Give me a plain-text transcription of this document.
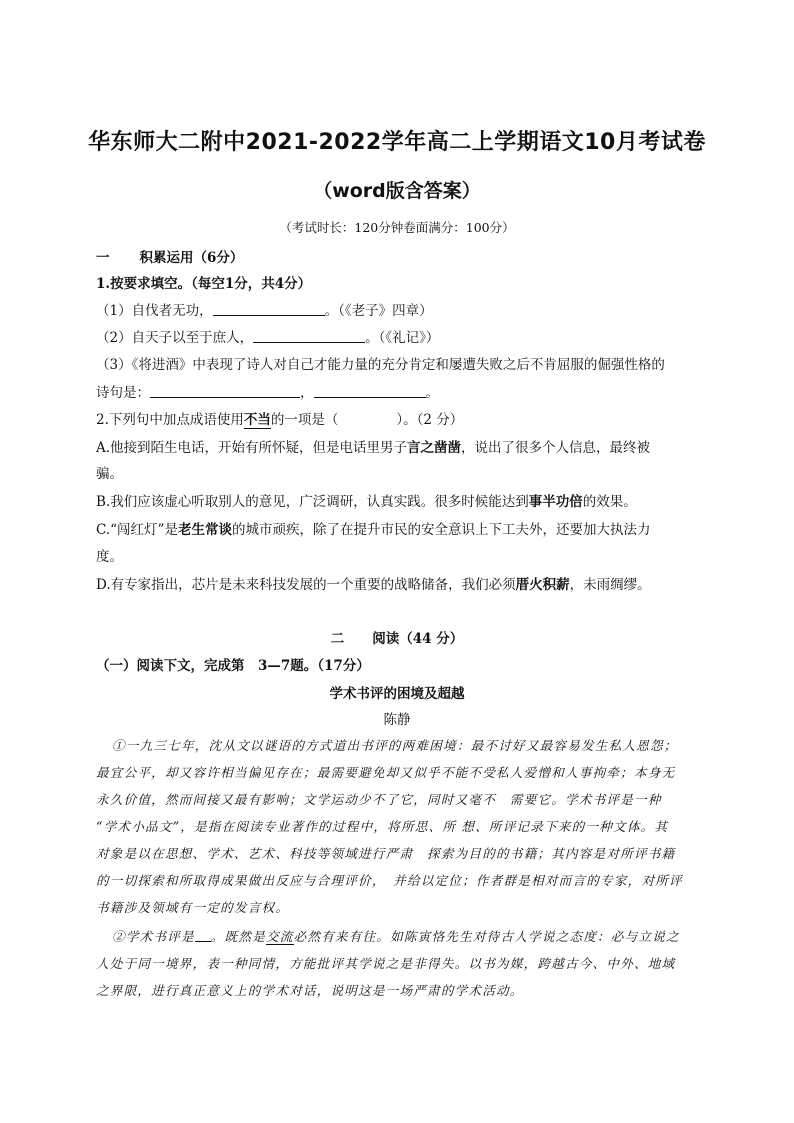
华东师大二附中2021-2022学年高二上学期语文10月考试卷
（word版含答案）
（考试时长：120分钟卷面满分：100分）
一 积累运用（6分）
1.按要求填空。（每空1分，共4分）
（1）自伐者无功，	。（《老子》四章）
（2）自天子以至于庶人，	。（《礼记》）
（3）《将进酒》中表现了诗人对自己才能力量的充分肯定和屡遭失败之后不肯屈服的倔强性格的
诗句是：	，	。
2.下列句中加点成语使用不当的一项是（	）。（2 分）
A.他接到陌生电话，开始有所怀疑，但是电话里男子言之凿凿，说出了很多个人信息，最终被
骗。
B.我们应该虚心听取别人的意见，广泛调研，认真实践。很多时候能达到事半功倍的效果。
C.“闯红灯”是老生常谈的城市顽疾，除了在提升市民的安全意识上下工夫外，还要加大执法力
度。
D.有专家指出，芯片是未来科技发展的一个重要的战略储备，我们必须厝火积薪，未雨绸缪。
二 阅读（44 分）
（一）阅读下文，完成第　3—7题。（17分）
学术书评的困境及超越
陈静
①一九三七年，沈从文以谜语的方式道出书评的两难困境：最不讨好又最容易发生私人恩怨；
最宜公平，却又容许相当偏见存在；最需要避免却又似乎不能不受私人爱憎和人事拘牵；本身无
永久价值，然而间接又最有影响；文学运动少不了它，同时又毫不　需要它。学术书评是一种
“学术小品文”，是指在阅读专业著作的过程中，将所思、所 想、所评记录下来的一种文体。其
对象是以在思想、学术、艺术、科技等领域进行严肃　探索为目的的书籍；其内容是对所评书籍
的一切探索和所取得成果做出反应与合理评价，　并给以定位；作者群是相对而言的专家，对所评
书籍涉及领域有一定的发言权。
②学术书评是 。既然是交流必然有来有往。如陈寅恪先生对待古人学说之态度：必与立说之
人处于同一境界，表一种同情，方能批评其学说之是非得失。以书为媒，跨越古今、中外、地域
之界限，进行真正意义上的学术对话，说明这是一场严肃的学术活动。
